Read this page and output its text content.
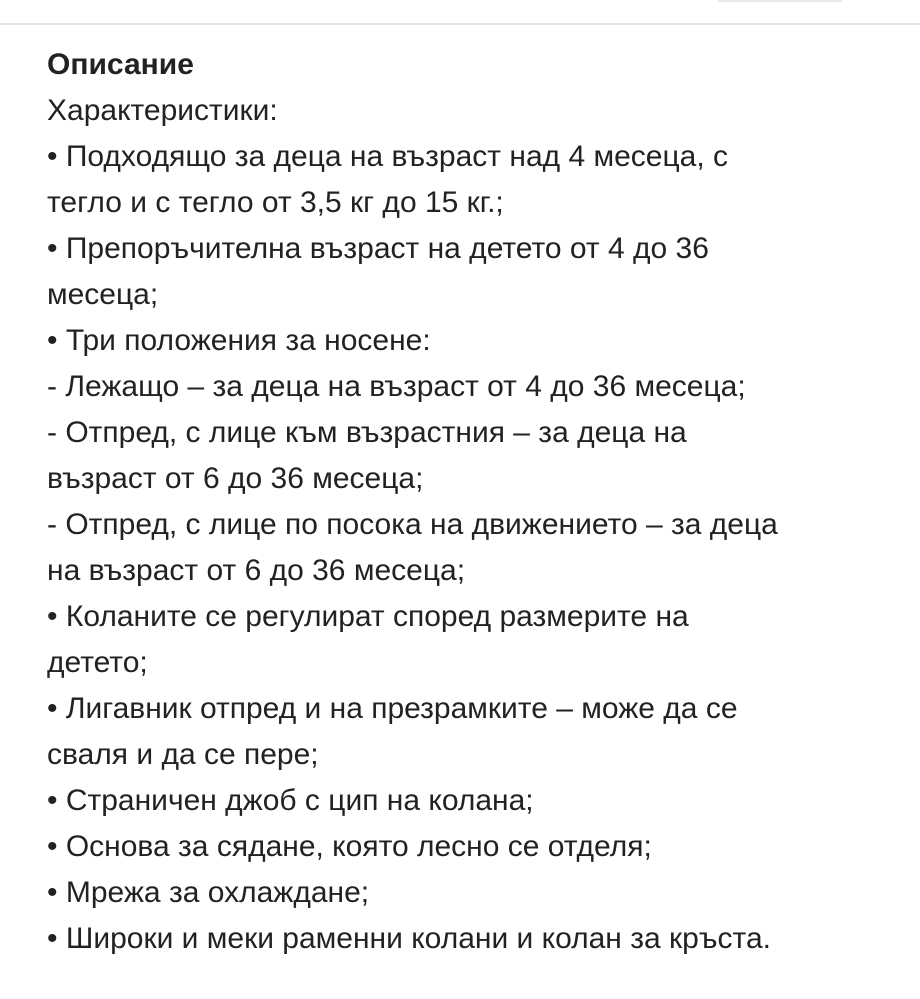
Описание
Характеристики:
• Подходящо за деца на възраст над 4 месеца, с
тегло и с тегло от 3,5 кг до 15 кг.;
• Препоръчителна възраст на детето от 4 до 36
месеца;
• Три положения за носене:
- Лежащо – за деца на възраст от 4 до 36 месеца;
- Отпред, с лице към възрастния – за деца на
възраст от 6 до 36 месеца;
- Отпред, с лице по посока на движението – за деца
на възраст от 6 до 36 месеца;
• Коланите се регулират според размерите на
детето;
• Лигавник отпред и на презрамките – може да се
сваля и да се пере;
• Страничен джоб с цип на колана;
• Основа за сядане, която лесно се отделя;
• Мрежа за охлаждане;
• Широки и меки раменни колани и колан за кръста.
